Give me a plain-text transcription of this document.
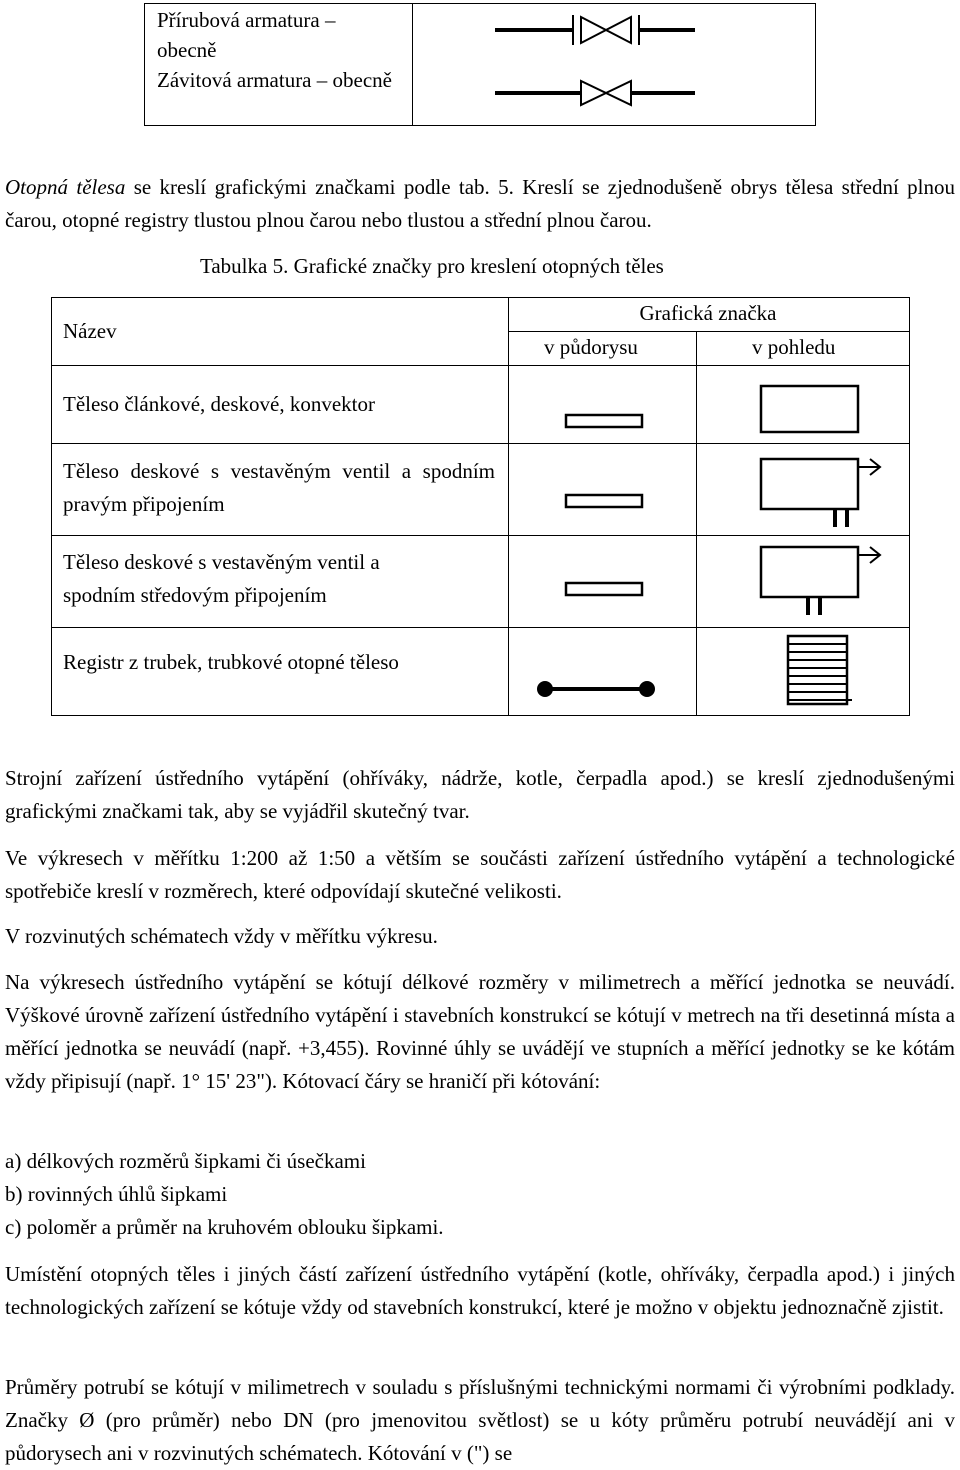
Přírubová armatura – obecně
Závitová armatura – obecně
Otopná tělesa se kreslí grafickými značkami podle tab. 5. Kreslí se zjednodušeně obrys tělesa střední plnou čarou, otopné registry tlustou plnou čarou nebo tlustou a střední plnou čarou.
Tabulka 5. Grafické značky pro kreslení otopných těles
Název
Grafická značka
v půdorysu	v pohledu
Těleso článkové, deskové, konvektor
Těleso deskové s vestavěným ventil a spodním pravým připojením
Těleso deskové s vestavěným ventil a spodním středovým připojením
Registr z trubek, trubkové otopné těleso
Strojní zařízení ústředního vytápění (ohříváky, nádrže, kotle, čerpadla apod.) se kreslí zjednodušenými grafickými značkami tak, aby se vyjádřil skutečný tvar.
Ve výkresech v měřítku 1:200 až 1:50 a větším se součásti zařízení ústředního vytápění a technologické spotřebiče kreslí v rozměrech, které odpovídají skutečné velikosti.
V rozvinutých schématech vždy v měřítku výkresu.
Na výkresech ústředního vytápění se kótují délkové rozměry v milimetrech a měřící jednotka se neuvádí. Výškové úrovně zařízení ústředního vytápění i stavebních konstrukcí se kótují v metrech na tři desetinná místa a měřící jednotka se neuvádí (např. +3,455). Rovinné úhly se uvádějí ve stupních a měřící jednotky se ke kótám vždy připisují (např. 1° 15' 23"). Kótovací čáry se hraničí při kótování:
a) délkových rozměrů šipkami či úsečkami
b) rovinných úhlů šipkami
c) poloměr a průměr na kruhovém oblouku šipkami.
Umístění otopných těles i jiných částí zařízení ústředního vytápění (kotle, ohříváky, čerpadla apod.) i jiných technologických zařízení se kótuje vždy od stavebních konstrukcí, které je možno v objektu jednoznačně zjistit.
Průměry potrubí se kótují v milimetrech v souladu s příslušnými technickými normami či výrobními podklady. Značky Ø (pro průměr) nebo DN (pro jmenovitou světlost) se u kóty průměru potrubí neuvádějí ani v půdorysech ani v rozvinutých schématech. Kótování v (") se
